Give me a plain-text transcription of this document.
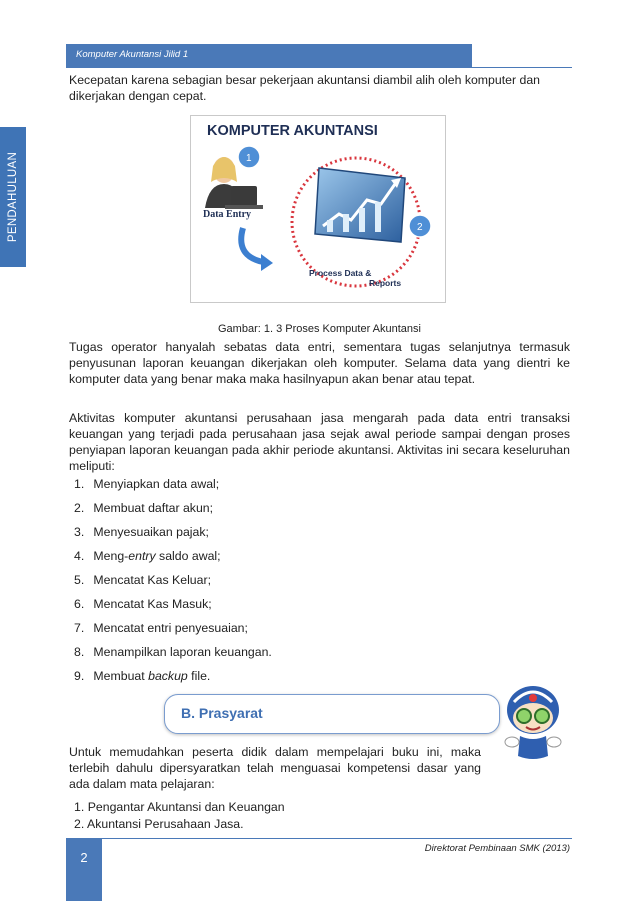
Komputer Akuntansi Jilid 1
PENDAHULUAN

Kecepatan karena sebagian besar pekerjaan akuntansi diambil alih oleh komputer dan dikerjakan dengan cepat.

KOMPUTER AKUNTANSI
Data Entry
1
2
Process Data &
Reports
Gambar: 1. 3 Proses Komputer Akuntansi

Tugas operator hanyalah sebatas data entri, sementara tugas selanjutnya termasuk penyusunan laporan keuangan dikerjakan oleh komputer. Selama data yang dientri ke komputer data yang benar maka maka hasilnyapun akan benar atau tepat.

Aktivitas komputer akuntansi perusahaan jasa mengarah pada data entri transaksi keuangan yang terjadi pada perusahaan jasa sejak awal periode sampai dengan proses penyiapan laporan keuangan pada akhir periode akuntansi. Aktivitas ini secara keseluruhan meliputi:

1. Menyiapkan data awal;
2. Membuat daftar akun;
3. Menyesuaikan pajak;
4. Meng-entry saldo awal;
5. Mencatat Kas Keluar;
6. Mencatat Kas Masuk;
7. Mencatat entri penyesuaian;
8. Menampilkan laporan keuangan.
9. Membuat backup file.
B. Prasyarat

Untuk memudahkan peserta didik dalam mempelajari buku ini, maka terlebih dahulu dipersyaratkan telah menguasai kompetensi dasar yang ada dalam mata pelajaran:

1. Pengantar Akuntansi dan Keuangan
2. Akuntansi Perusahaan Jasa.
2
Direktorat Pembinaan SMK (2013)
